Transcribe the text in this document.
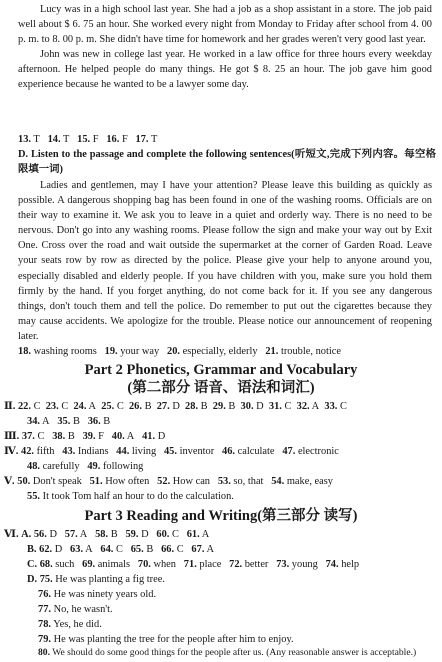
Lucy was in a high school last year. She had a job as a shop assistant in a store. The job paid well about $ 6. 75 an hour. She worked every night from Monday to Friday after school from 4. 00 p. m. to 8. 00 p. m. She didn't have time for homework and her grades weren't very good last year.

John was new in college last year. He worked in a law office for three hours every weekday afternoon. He helped people do many things. He got $ 8. 25 an hour. The job gave him good experience because he wanted to be a lawyer some day.

13. T 14. T 15. F 16. F 17. T

D. Listen to the passage and complete the following sentences(听短文,完成下列内容。每空格限填一词)

Ladies and gentlemen, may I have your attention? Please leave this building as quickly as possible. A dangerous shopping bag has been found in one of the washing rooms. Officials are on their way to examine it. We ask you to leave in a quiet and orderly way. There is no need to be nervous. Don't go into any washing rooms. Please follow the sign and make your way out by Exit One. Cross over the road and wait outside the supermarket at the corner of Garden Road. Leave your seats row by row as directed by the police. Please give your help to anyone around you, especially disabled and elderly people. If you have children with you, make sure you hold them firmly by the hand. If you forget anything, do not come back for it. If you see any dangerous things, don't touch them and tell the police. Do remember to put out the cigarettes because they may cause accidents. We apologize for the trouble. Please notice our announcement of reopening later.

18. washing rooms 19. your way 20. especially, elderly 21. trouble, notice
Part 2 Phonetics, Grammar and Vocabulary
(第二部分 语音、语法和词汇)
Ⅱ. 22. C 23. C 24. A 25. C 26. B 27. D 28. B 29. B 30. D 31. C 32. A 33. C
34. A 35. B 36. B
Ⅲ. 37. C 38. B 39. F 40. A 41. D
Ⅳ. 42. fifth 43. Indians 44. living 45. inventor 46. calculate 47. electronic
48. carefully 49. following
Ⅴ. 50. Don't speak 51. How often 52. How can 53. so, that 54. make, easy
55. It took Tom half an hour to do the calculation.
Part 3 Reading and Writing(第三部分 读写)
Ⅵ. A. 56. D 57. A 58. B 59. D 60. C 61. A
B. 62. D 63. A 64. C 65. B 66. C 67. A
C. 68. such 69. animals 70. when 71. place 72. better 73. young 74. help
D. 75. He was planting a fig tree.
76. He was ninety years old.
77. No, he wasn't.
78. Yes, he did.
79. He was planting the tree for the people after him to enjoy.
80. We should do some good things for the people after us. (Any reasonable answer is acceptable.)
